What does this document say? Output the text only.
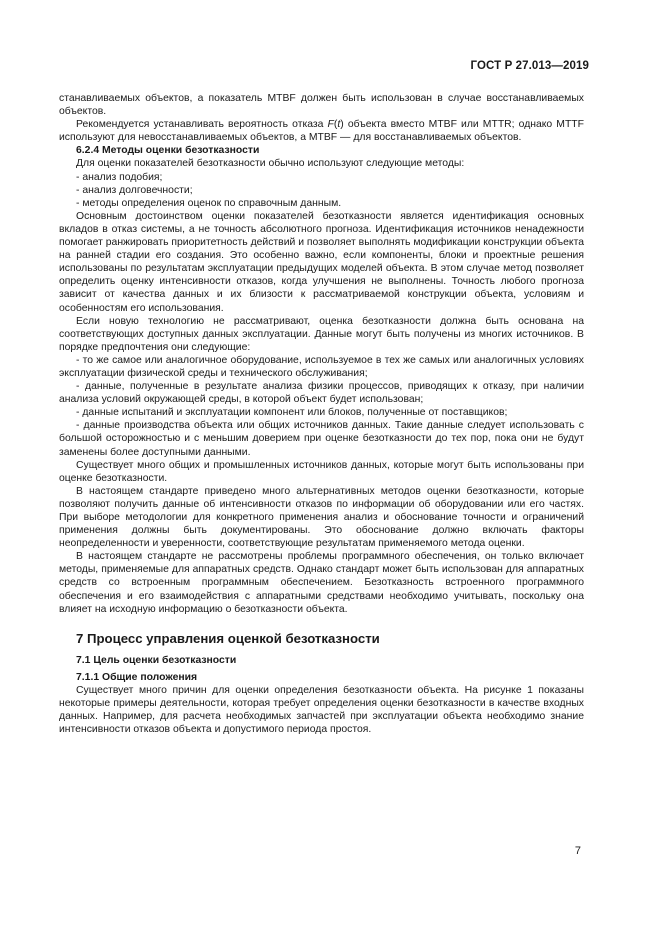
ГОСТ Р 27.013—2019

станавливаемых объектов, а показатель MTBF должен быть использован в случае восстанавливаемых объектов.

Рекомендуется устанавливать вероятность отказа F(t) объекта вместо MTBF или MTTR; однако MTTF используют для невосстанавливаемых объектов, а MTBF — для восстанавливаемых объектов.

6.2.4 Методы оценки безотказности

Для оценки показателей безотказности обычно используют следующие методы:

- анализ подобия;

- анализ долговечности;

- методы определения оценок по справочным данным.

Основным достоинством оценки показателей безотказности является идентификация основных вкладов в отказ системы, а не точность абсолютного прогноза. Идентификация источников ненадежности помогает ранжировать приоритетность действий и позволяет выполнять модификации конструкции объекта на ранней стадии его создания. Это особенно важно, если компоненты, блоки и проектные решения использованы по результатам эксплуатации предыдущих моделей объекта. В этом случае метод позволяет определить оценку интенсивности отказов, когда улучшения не выполнены. Точность любого прогноза зависит от качества данных и их близости к рассматриваемой конструкции объекта, условиям и особенностям его использования.

Если новую технологию не рассматривают, оценка безотказности должна быть основана на соответствующих доступных данных эксплуатации. Данные могут быть получены из многих источников. В порядке предпочтения они следующие:

- то же самое или аналогичное оборудование, используемое в тех же самых или аналогичных условиях эксплуатации физической среды и технического обслуживания;

- данные, полученные в результате анализа физики процессов, приводящих к отказу, при наличии анализа условий окружающей среды, в которой объект будет использован;

- данные испытаний и эксплуатации компонент или блоков, полученные от поставщиков;

- данные производства объекта или общих источников данных. Такие данные следует использовать с большой осторожностью и с меньшим доверием при оценке безотказности до тех пор, пока они не будут заменены более доступными данными.

Существует много общих и промышленных источников данных, которые могут быть использованы при оценке безотказности.

В настоящем стандарте приведено много альтернативных методов оценки безотказности, которые позволяют получить данные об интенсивности отказов по информации об оборудовании или его частях. При выборе методологии для конкретного применения анализ и обоснование точности и ограничений применения должны быть документированы. Это обоснование должно включать факторы неопределенности и уверенности, соответствующие результатам применяемого метода оценки.

В настоящем стандарте не рассмотрены проблемы программного обеспечения, он только включает методы, применяемые для аппаратных средств. Однако стандарт может быть использован для аппаратных средств со встроенным программным обеспечением. Безотказность встроенного программного обеспечения и его взаимодействия с аппаратными средствами необходимо учитывать, поскольку она влияет на исходную информацию о безотказности объекта.

7 Процесс управления оценкой безотказности

7.1 Цель оценки безотказности

7.1.1 Общие положения

Существует много причин для оценки определения безотказности объекта. На рисунке 1 показаны некоторые примеры деятельности, которая требует определения оценки безотказности в качестве входных данных. Например, для расчета необходимых запчастей при эксплуатации объекта необходимо знание интенсивности отказов объекта и допустимого периода простоя.

7
